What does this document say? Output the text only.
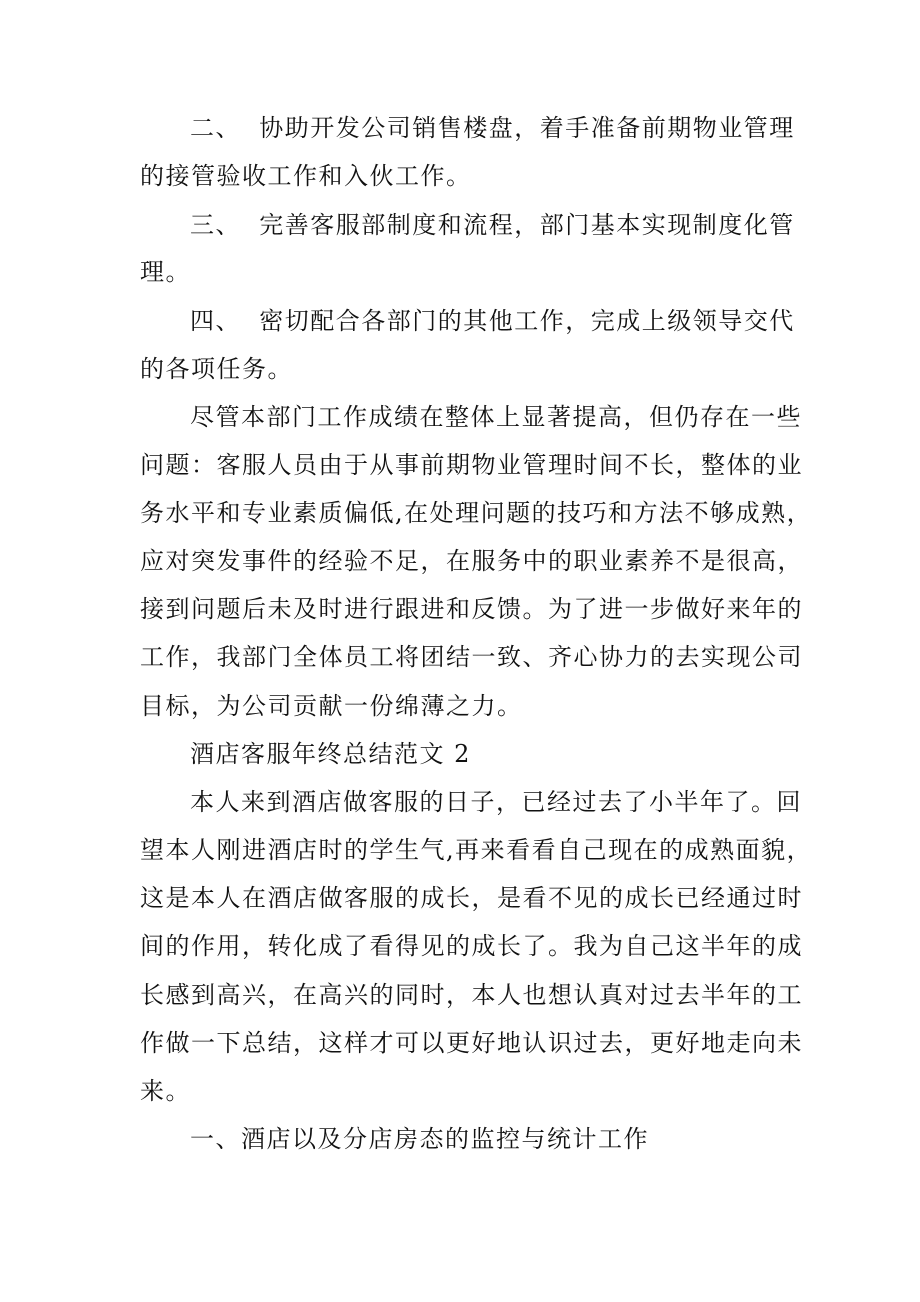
二、  协助开发公司销售楼盘，着手准备前期物业管理
的接管验收工作和入伙工作。
三、  完善客服部制度和流程，部门基本实现制度化管
理。
四、  密切配合各部门的其他工作，完成上级领导交代
的各项任务。
尽管本部门工作成绩在整体上显著提高，但仍存在一些
问题：客服人员由于从事前期物业管理时间不长，整体的业
务水平和专业素质偏低,在处理问题的技巧和方法不够成熟，
应对突发事件的经验不足，在服务中的职业素养不是很高，
接到问题后未及时进行跟进和反馈。为了进一步做好来年的
工作，我部门全体员工将团结一致、齐心协力的去实现公司
目标，为公司贡献一份绵薄之力。
酒店客服年终总结范文 2
本人来到酒店做客服的日子，已经过去了小半年了。回
望本人刚进酒店时的学生气,再来看看自己现在的成熟面貌，
这是本人在酒店做客服的成长，是看不见的成长已经通过时
间的作用，转化成了看得见的成长了。我为自己这半年的成
长感到高兴，在高兴的同时，本人也想认真对过去半年的工
作做一下总结，这样才可以更好地认识过去，更好地走向未
来。
一、酒店以及分店房态的监控与统计工作
